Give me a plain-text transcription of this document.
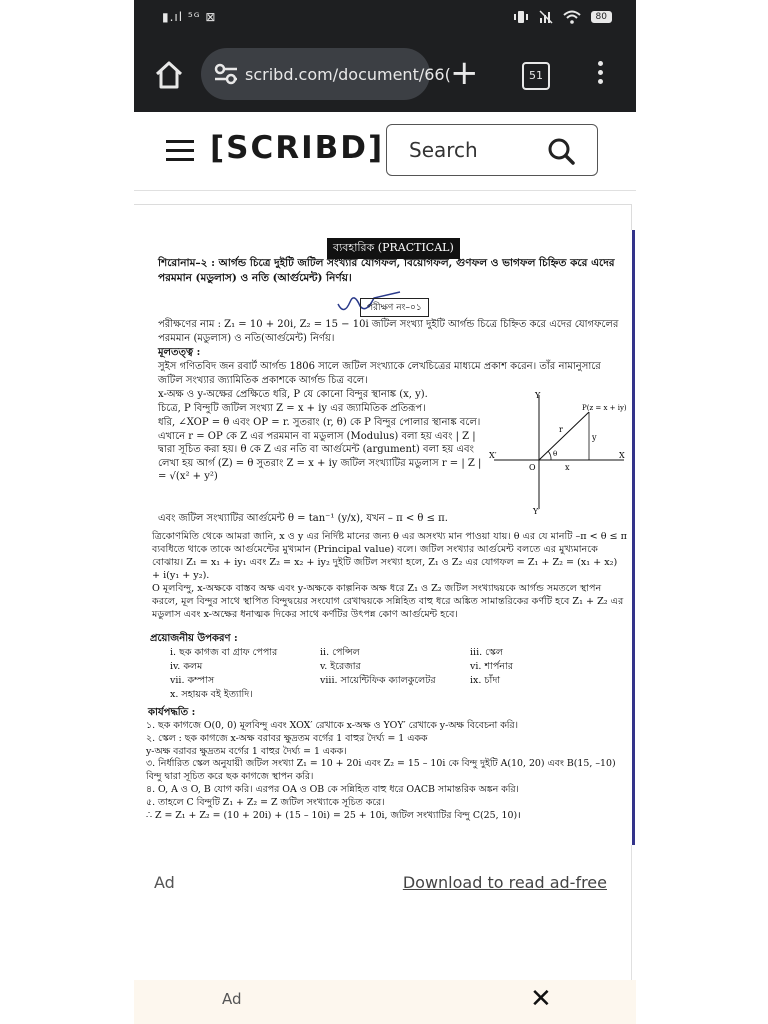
▮.ıl ⁵ᴳ ⊠	80
scribd.com/document/66( +	51
[SCRIBD] Search
ব্যবহারিক (PRACTICAL)

শিরোনাম–২ : আর্গন্ড চিত্রে দুইটি জটিল সংখ্যার যোগফল, বিয়োগফল, গুণফল ও ভাগফল চিহ্নিত করে এদের পরমমান (মডুলাস) ও নতি (আর্গুমেন্ট) নির্ণয়।

পরীক্ষণ নং–০১

পরীক্ষণের নাম : Z₁ = 10 + 20i, Z₂ = 15 − 10i জটিল সংখ্যা দুইটি আর্গন্ড চিত্রে চিহ্নিত করে এদের যোগফলের পরমমান (মডুলাস) ও নতি(আর্গুমেন্ট) নির্ণয়।

মূলতত্ত্ব :

সুইস গণিতবিদ জন রবার্ট আর্গন্ড 1806 সালে জটিল সংখ্যাকে লেখচিত্রের মাধ্যমে প্রকাশ করেন। তাঁর নামানুসারে জটিল সংখ্যার জ্যামিতিক প্রকাশকে আর্গন্ড চিত্র বলে।

x-অক্ষ ও y-অক্ষের প্রেক্ষিতে ধরি, P যে কোনো বিন্দুর স্থানাঙ্ক (x, y).

চিত্রে, P বিন্দুটি জটিল সংখ্যা Z = x + iy এর জ্যামিতিক প্রতিরূপ।

ধরি, ∠XOP = θ এবং OP = r. সুতরাং (r, θ) কে P বিন্দুর পোলার স্থানাঙ্ক বলে। এখানে r = OP কে Z এর পরমমান বা মডুলাস (Modulus) বলা হয় এবং | Z | দ্বারা সূচিত করা হয়। θ কে Z এর নতি বা আর্গুমেন্ট (argument) বলা হয় এবং লেখা হয় আর্গ (Z) = θ সুতরাং Z = x + iy জটিল সংখ্যাটির মডুলাস r = | Z | = √(x² + y²)

এবং জটিল সংখ্যাটির আর্গুমেন্ট θ = tan⁻¹ (y/x), যখন – π < θ ≤ π.

Y
Y′
X
X′
O
P(z = x + iy)
r
y
x
θ

ত্রিকোণমিতি থেকে আমরা জানি, x ও y এর নির্দিষ্ট মানের জন্য θ এর অসংখ্য মান পাওয়া যায়। θ এর যে মানটি –π < θ ≤ π ব্যবধিতে থাকে তাকে আর্গুমেন্টের মুখ্যমান (Principal value) বলে। জটিল সংখ্যার আর্গুমেন্ট বলতে এর মুখ্যমানকে বোঝায়। Z₁ = x₁ + iy₁ এবং Z₂ = x₂ + iy₂ দুইটি জটিল সংখ্যা হলে, Z₁ ও Z₂ এর যোগফল = Z₁ + Z₂ = (x₁ + x₂) + i(y₁ + y₂).

O মূলবিন্দু, x-অক্ষকে বাস্তব অক্ষ এবং y-অক্ষকে কাল্পনিক অক্ষ ধরে Z₁ ও Z₂ জটিল সংখ্যাদ্বয়কে আর্গন্ড সমতলে স্থাপন করলে, মূল বিন্দুর সাথে স্থাপিত বিন্দুদ্বয়ের সংযোগ রেখাদ্বয়কে সন্নিহিত বাহু ধরে অঙ্কিত সামান্তরিকের কর্ণটি হবে Z₁ + Z₂ এর মডুলাস এবং x-অক্ষের ধনাত্মক দিকের সাথে কর্ণটির উৎপন্ন কোণ আর্গুমেন্ট হবে।

প্রয়োজনীয় উপকরণ :

i. ছক কাগজ বা গ্রাফ পেপার	ii. পেন্সিল	iii. স্কেল
iv. কলম	v. ইরেজার	vi. শার্পনার
vii. কম্পাস	viii. সায়েন্টিফিক ক্যালকুলেটর	ix. চাঁদা
x. সহায়ক বই ইত্যাদি।

কার্যপদ্ধতি :

১. ছক কাগজে O(0, 0) মূলবিন্দু এবং XOX′ রেখাকে x-অক্ষ ও YOY′ রেখাকে y-অক্ষ বিবেচনা করি।
২. স্কেল : ছক কাগজে x-অক্ষ বরাবর ক্ষুদ্রতম বর্গের 1 বাহুর দৈর্ঘ্য = 1 একক
y-অক্ষ বরাবর ক্ষুদ্রতম বর্গের 1 বাহুর দৈর্ঘ্য = 1 একক।
৩. নির্ধারিত স্কেল অনুযায়ী জটিল সংখ্যা Z₁ = 10 + 20i এবং Z₂ = 15 – 10i কে বিন্দু দুইটি A(10, 20) এবং B(15, –10) বিন্দু দ্বারা সূচিত করে ছক কাগজে স্থাপন করি।
৪. O, A ও O, B যোগ করি। এরপর OA ও OB কে সন্নিহিত বাহু ধরে OACB সামান্তরিক অঙ্কন করি।
৫. তাহলে C বিন্দুটি Z₁ + Z₂ = Z জটিল সংখ্যাকে সূচিত করে।
∴ Z = Z₁ + Z₂ = (10 + 20i) + (15 – 10i) = 25 + 10i, জটিল সংখ্যাটির বিন্দু C(25, 10)।
Ad	Download to read ad-free
Ad	✕
